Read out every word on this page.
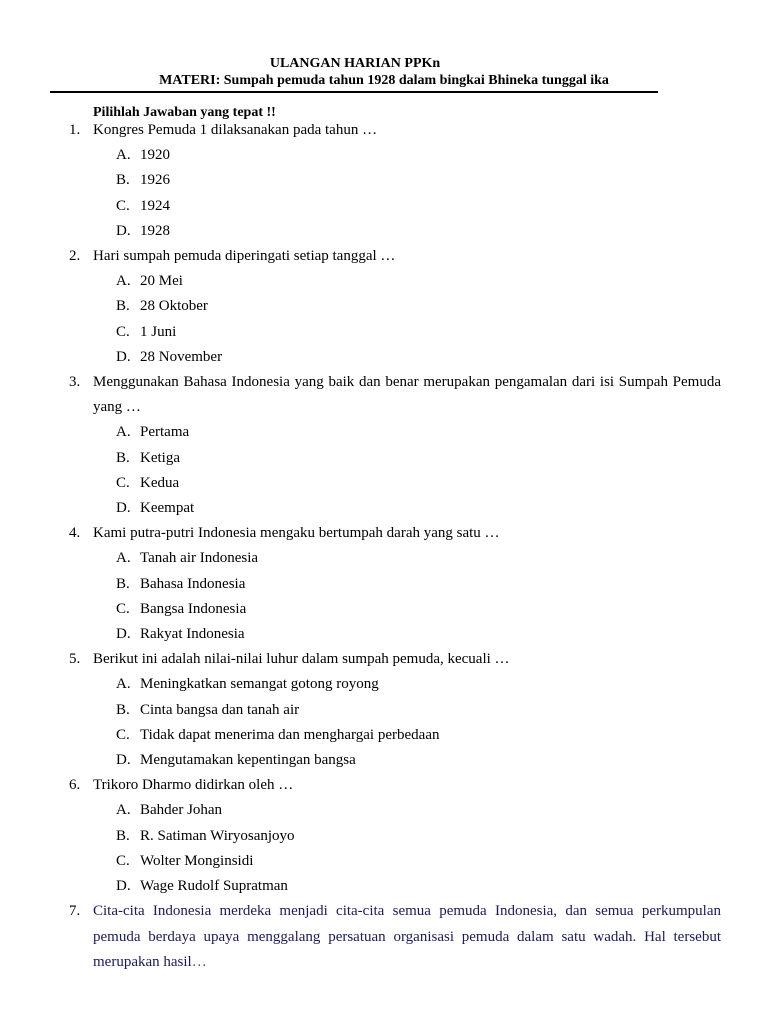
ULANGAN HARIAN PPKn
MATERI: Sumpah pemuda tahun 1928 dalam bingkai Bhineka tunggal ika
Pilihlah Jawaban yang tepat !!
1. Kongres Pemuda 1 dilaksanakan pada tahun …
A. 1920
B. 1926
C. 1924
D. 1928
2. Hari sumpah pemuda diperingati setiap tanggal …
A. 20 Mei
B. 28 Oktober
C. 1 Juni
D. 28 November
3. Menggunakan Bahasa Indonesia yang baik dan benar merupakan pengamalan dari isi Sumpah Pemuda yang …
A. Pertama
B. Ketiga
C. Kedua
D. Keempat
4. Kami putra-putri Indonesia mengaku bertumpah darah yang satu …
A. Tanah air Indonesia
B. Bahasa Indonesia
C. Bangsa Indonesia
D. Rakyat Indonesia
5. Berikut ini adalah nilai-nilai luhur dalam sumpah pemuda, kecuali …
A. Meningkatkan semangat gotong royong
B. Cinta bangsa dan tanah air
C. Tidak dapat menerima dan menghargai perbedaan
D. Mengutamakan kepentingan bangsa
6. Trikoro Dharmo didirkan oleh …
A. Bahder Johan
B. R. Satiman Wiryosanjoyo
C. Wolter Monginsidi
D. Wage Rudolf Supratman
7. Cita-cita Indonesia merdeka menjadi cita-cita semua pemuda Indonesia, dan semua perkumpulan pemuda berdaya upaya menggalang persatuan organisasi pemuda dalam satu wadah. Hal tersebut merupakan hasil…
